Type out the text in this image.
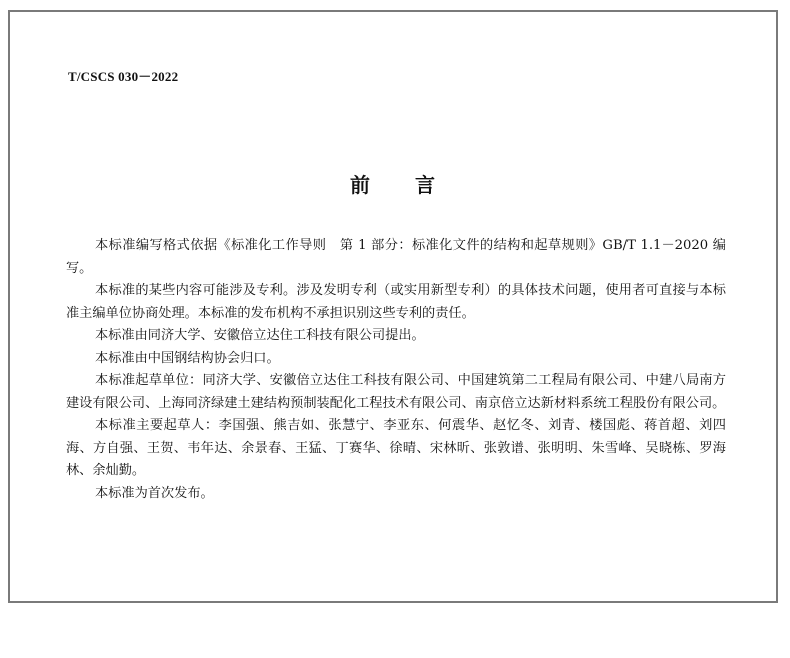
T/CSCS 030－2022
前 言

本标准编写格式依据《标准化工作导则　第 1 部分：标准化文件的结构和起草规则》GB/T 1.1－2020 编写。

本标准的某些内容可能涉及专利。涉及发明专利（或实用新型专利）的具体技术问题，使用者可直接与本标准主编单位协商处理。本标准的发布机构不承担识别这些专利的责任。

本标准由同济大学、安徽倍立达住工科技有限公司提出。

本标准由中国钢结构协会归口。

本标准起草单位：同济大学、安徽倍立达住工科技有限公司、中国建筑第二工程局有限公司、中建八局南方建设有限公司、上海同济绿建土建结构预制装配化工程技术有限公司、南京倍立达新材料系统工程股份有限公司。

本标准主要起草人：李国强、熊吉如、张慧宁、李亚东、何震华、赵忆冬、刘青、楼国彪、蒋首超、刘四海、方自强、王贺、韦年达、余景春、王猛、丁赛华、徐晴、宋林昕、张敦谱、张明明、朱雪峰、吴晓栋、罗海林、余灿勤。

本标准为首次发布。
